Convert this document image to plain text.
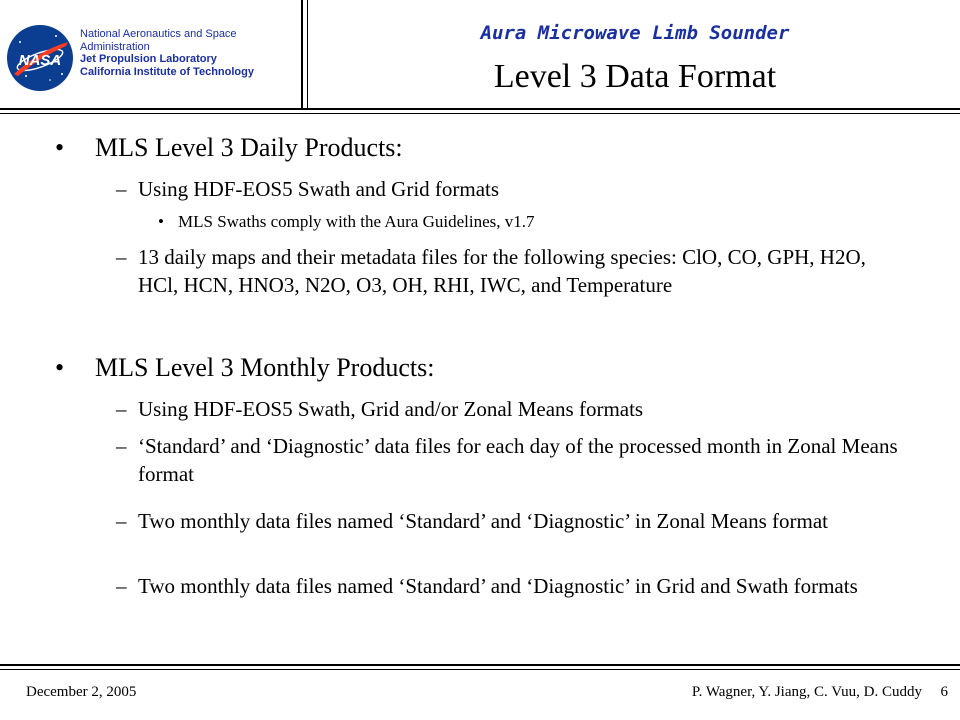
NASA
National Aeronautics and Space
Administration
Jet Propulsion Laboratory
California Institute of Technology
Aura Microwave Limb Sounder
Level 3 Data Format
• MLS Level 3 Daily Products:
– Using HDF-EOS5 Swath and Grid formats
• MLS Swaths comply with the Aura Guidelines, v1.7
– 13 daily maps and their metadata files for the following species: ClO, CO, GPH, H2O, HCl, HCN, HNO3, N2O, O3, OH, RHI, IWC, and Temperature
• MLS Level 3 Monthly Products:
– Using HDF-EOS5 Swath, Grid and/or Zonal Means formats
– ‘Standard’ and ‘Diagnostic’ data files for each day of the processed month in Zonal Means format
– Two monthly data files named ‘Standard’ and ‘Diagnostic’ in Zonal Means format
– Two monthly data files named ‘Standard’ and ‘Diagnostic’ in Grid and Swath formats
December 2, 2005	P. Wagner, Y. Jiang, C. Vuu, D. Cuddy 6
